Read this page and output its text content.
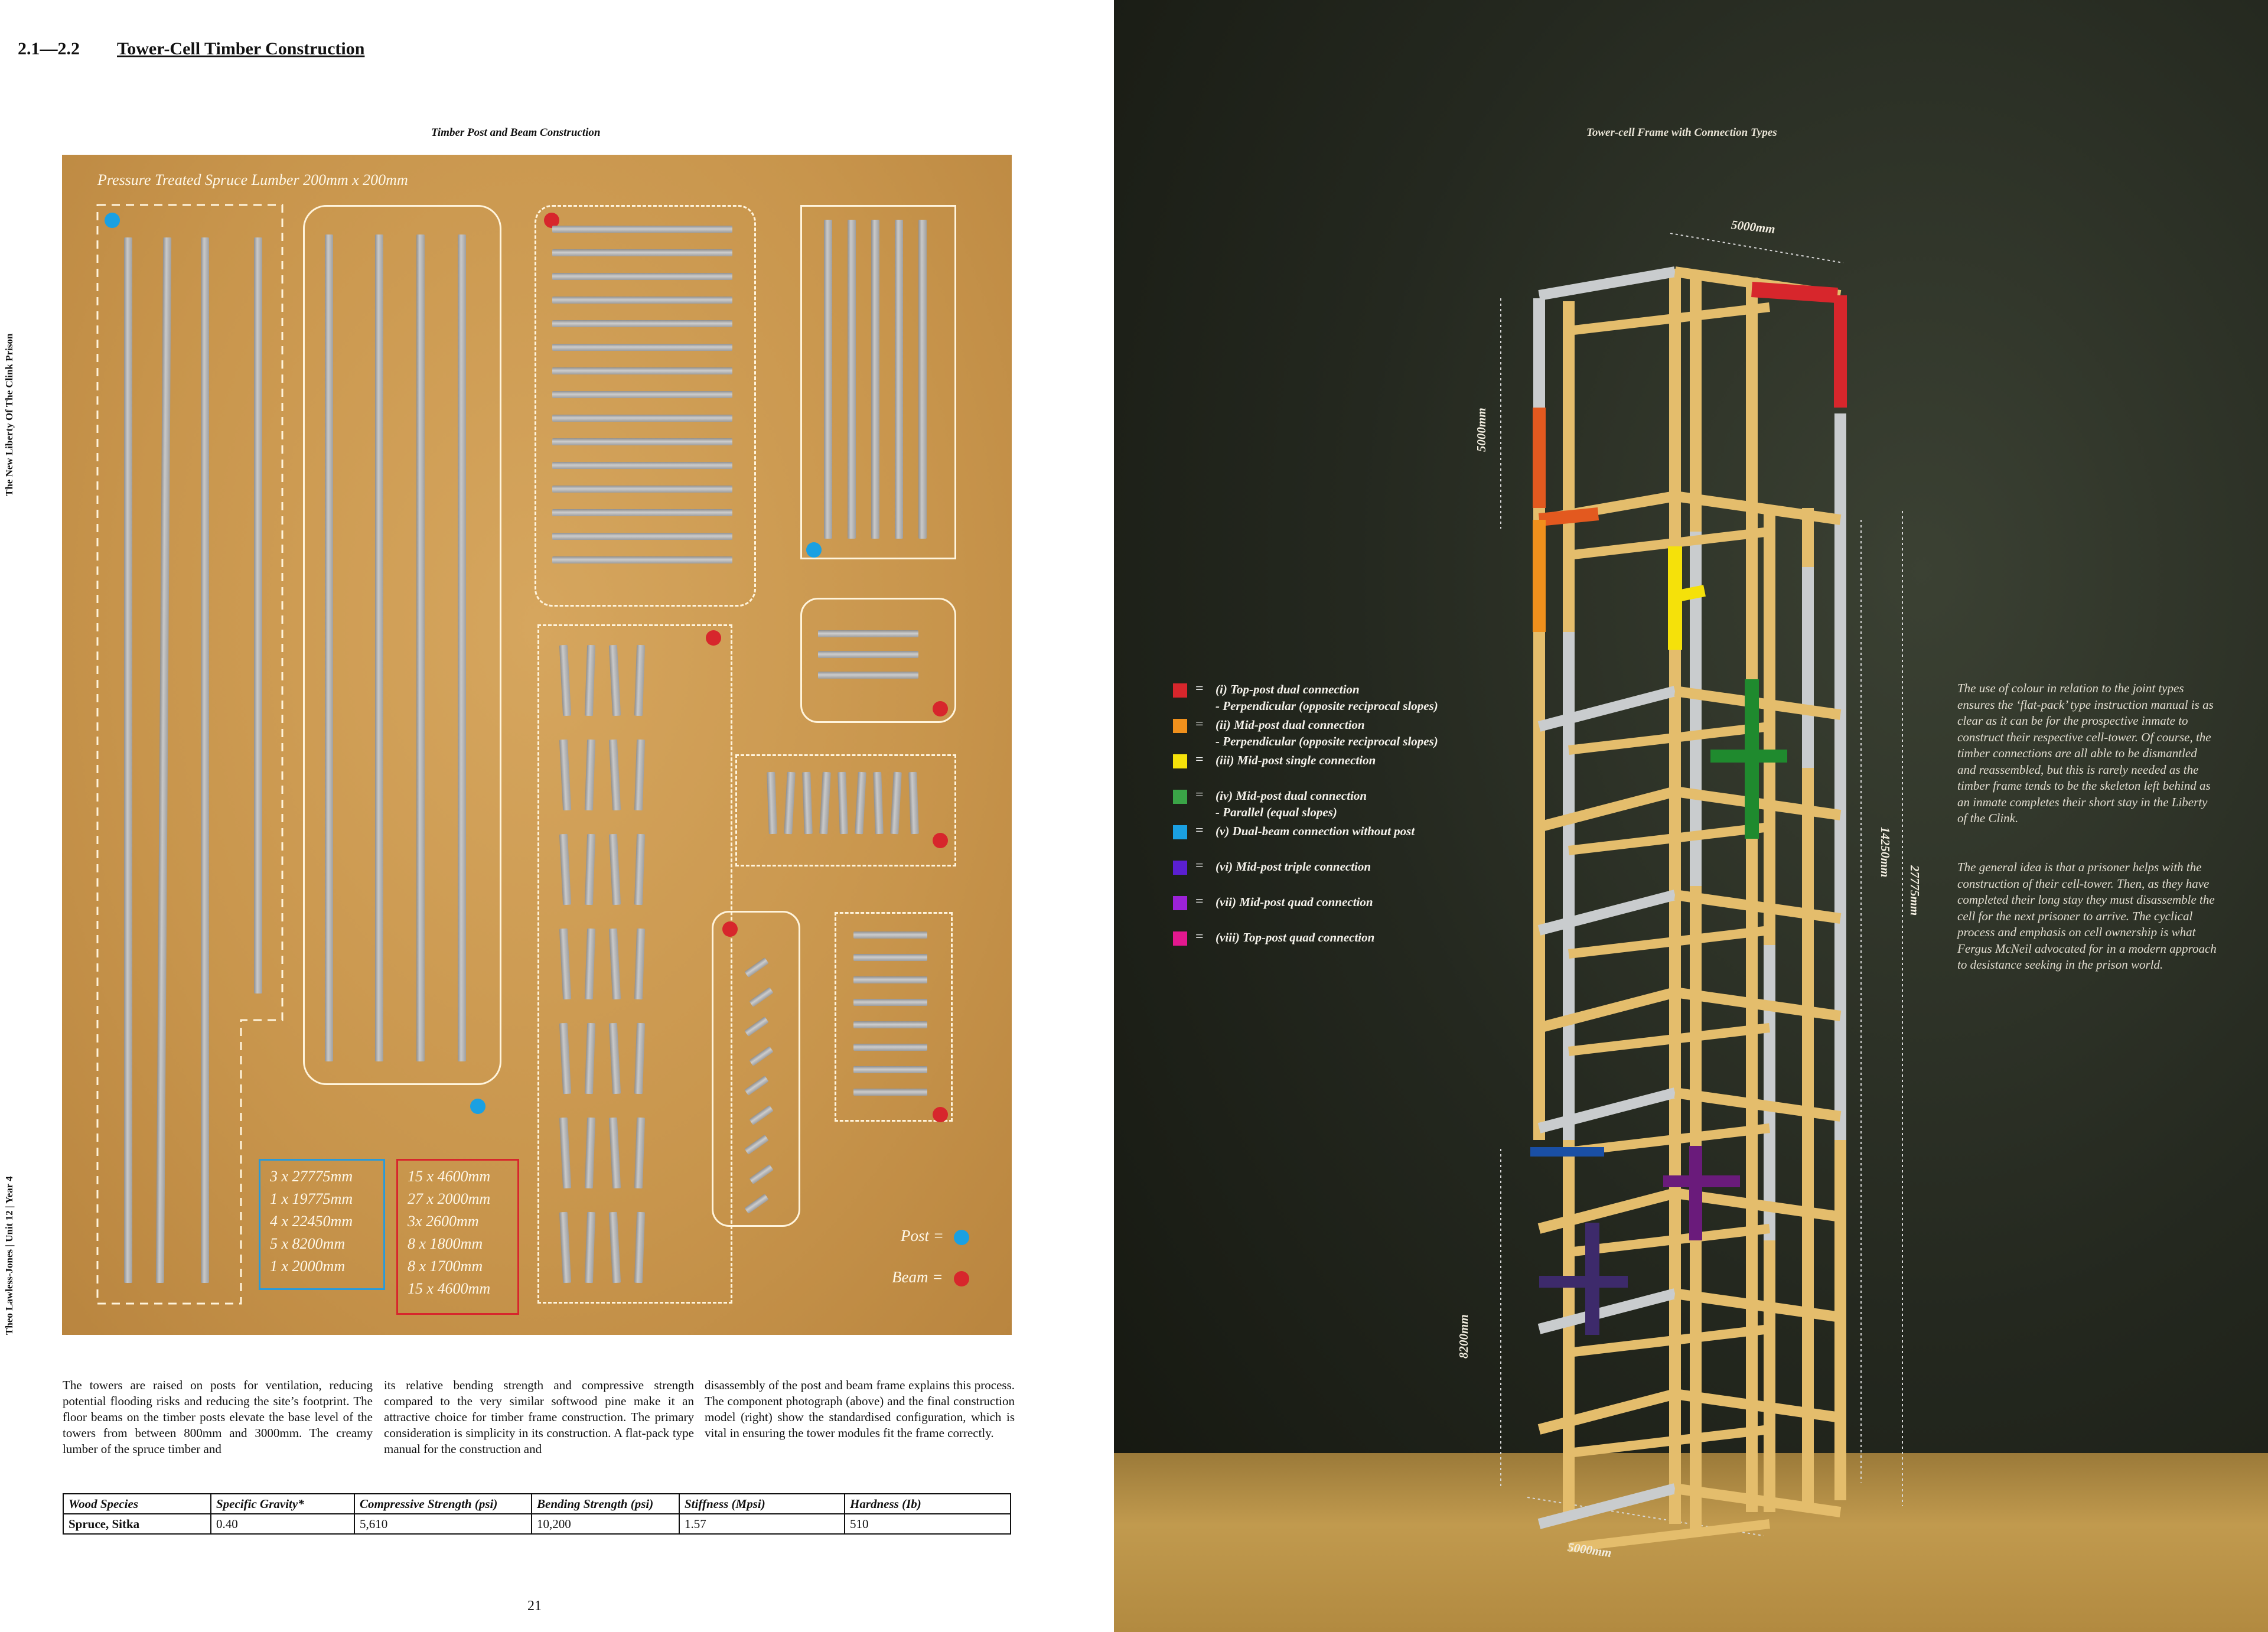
2.1—2.2 Tower-Cell Timber Construction
The New Liberty Of The Clink Prison
Theo Lawless-Jones | Unit 12 | Year 4
Timber Post and Beam Construction
Pressure Treated Spruce Lumber 200mm x 200mm
3 x 27775mm
1 x 19775mm
4 x 22450mm
5 x 8200mm
1 x 2000mm
15 x 4600mm
27 x 2000mm
3x 2600mm
8 x 1800mm
8 x 1700mm
15 x 4600mm
Post =
Beam =
The towers are raised on posts for ventilation, reducing potential flooding risks and reducing the site’s footprint. The floor beams on the timber posts elevate the base level of the towers from between 800mm and 3000mm. The creamy lumber of the spruce timber and
its relative bending strength and compressive strength compared to the very similar softwood pine make it an attractive choice for timber frame construction. The primary consideration is simplicity in its construction. A flat-pack type manual for the construction and
disassembly of the post and beam frame explains this process. The component photograph (above) and the final construction model (right) show the standardised configuration, which is vital in ensuring the tower modules fit the frame correctly.
Wood Species	Specific Gravity*	Compressive Strength (psi)	Bending Strength (psi)	Stiffness (Mpsi)	Hardness (Ib)
Spruce, Sitka	0.40	5,610	10,200	1.57	510
21
Tower-cell Frame with Connection Types
5000mm
5000mm
14250mm
27775mm
8200mm
5000mm
= (i) Top-post dual connection
- Perpendicular (opposite reciprocal slopes)
= (ii) Mid-post dual connection
- Perpendicular (opposite reciprocal slopes)
= (iii) Mid-post single connection
= (iv) Mid-post dual connection
- Parallel (equal slopes)
= (v) Dual-beam connection without post
= (vi) Mid-post triple connection
= (vii) Mid-post quad connection
= (viii) Top-post quad connection
The use of colour in relation to the joint types ensures the ‘flat-pack’ type instruction manual is as clear as it can be for the prospective inmate to construct their respective cell-tower. Of course, the timber connections are all able to be dismantled and reassembled, but this is rarely needed as the timber frame tends to be the skeleton left behind as an inmate completes their short stay in the Liberty of the Clink.
The general idea is that a prisoner helps with the construction of their cell-tower. Then, as they have completed their long stay they must disassemble the cell for the next prisoner to arrive. The cyclical process and emphasis on cell ownership is what Fergus McNeil advocated for in a modern approach to desistance seeking in the prison world.
